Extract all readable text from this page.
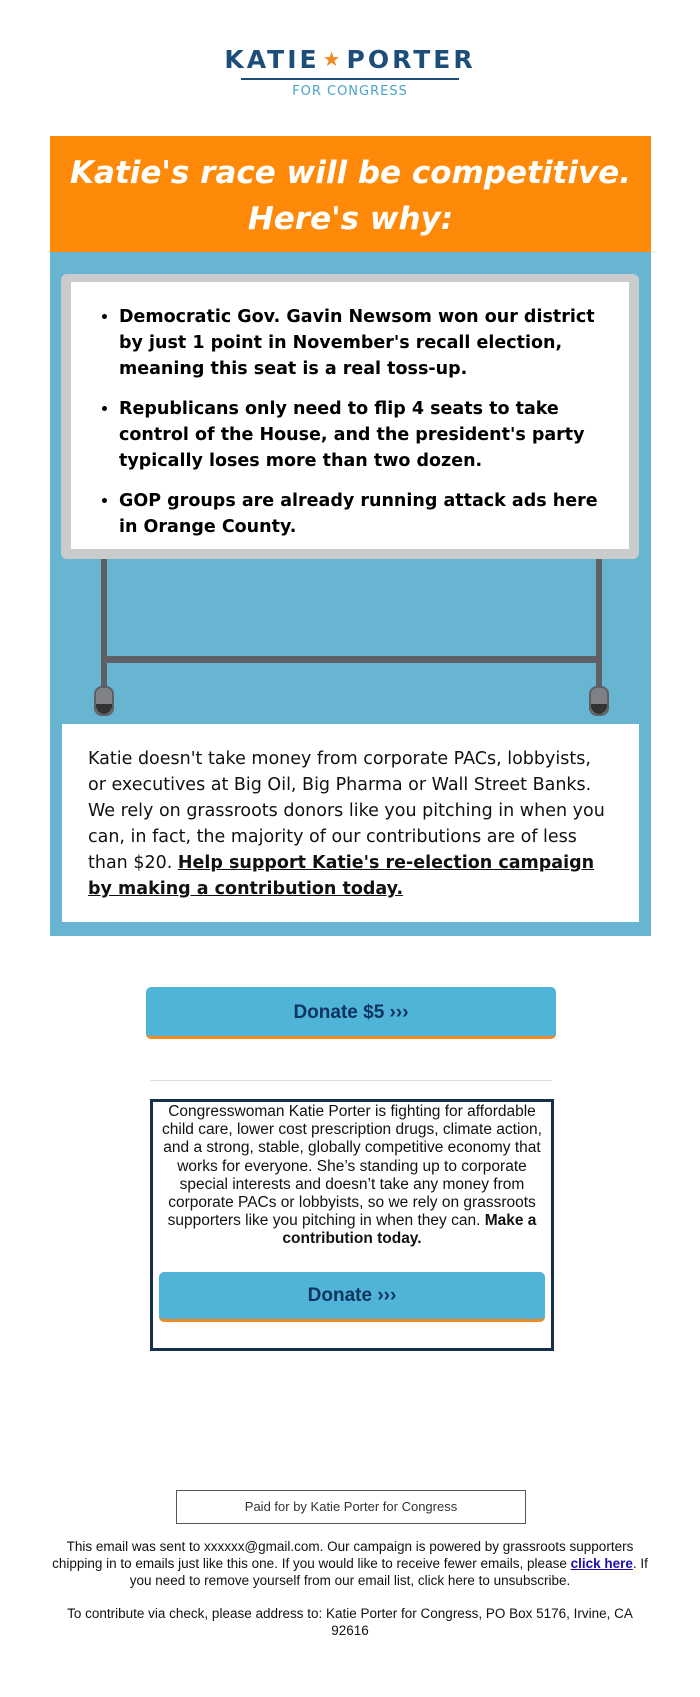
KATIE ★ PORTER
FOR CONGRESS
Katie's race will be competitive.
Here's why:
• Democratic Gov. Gavin Newsom won our district by just 1 point in November's recall election, meaning this seat is a real toss-up.
• Republicans only need to flip 4 seats to take control of the House, and the president's party typically loses more than two dozen.
• GOP groups are already running attack ads here in Orange County.
Katie doesn't take money from corporate PACs, lobbyists, or executives at Big Oil, Big Pharma or Wall Street Banks. We rely on grassroots donors like you pitching in when you can, in fact, the majority of our contributions are of less than $20. Help support Katie's re-election campaign by making a contribution today.
Donate $5 ›››
Congresswoman Katie Porter is fighting for affordable child care, lower cost prescription drugs, climate action, and a strong, stable, globally competitive economy that works for everyone. She’s standing up to corporate special interests and doesn’t take any money from corporate PACs or lobbyists, so we rely on grassroots supporters like you pitching in when they can. Make a contribution today.
Donate ›››
Paid for by Katie Porter for Congress

This email was sent to xxxxxx@gmail.com. Our campaign is powered by grassroots supporters chipping in to emails just like this one. If you would like to receive fewer emails, please click here. If you need to remove yourself from our email list, click here to unsubscribe.

To contribute via check, please address to: Katie Porter for Congress, PO Box 5176, Irvine, CA 92616
